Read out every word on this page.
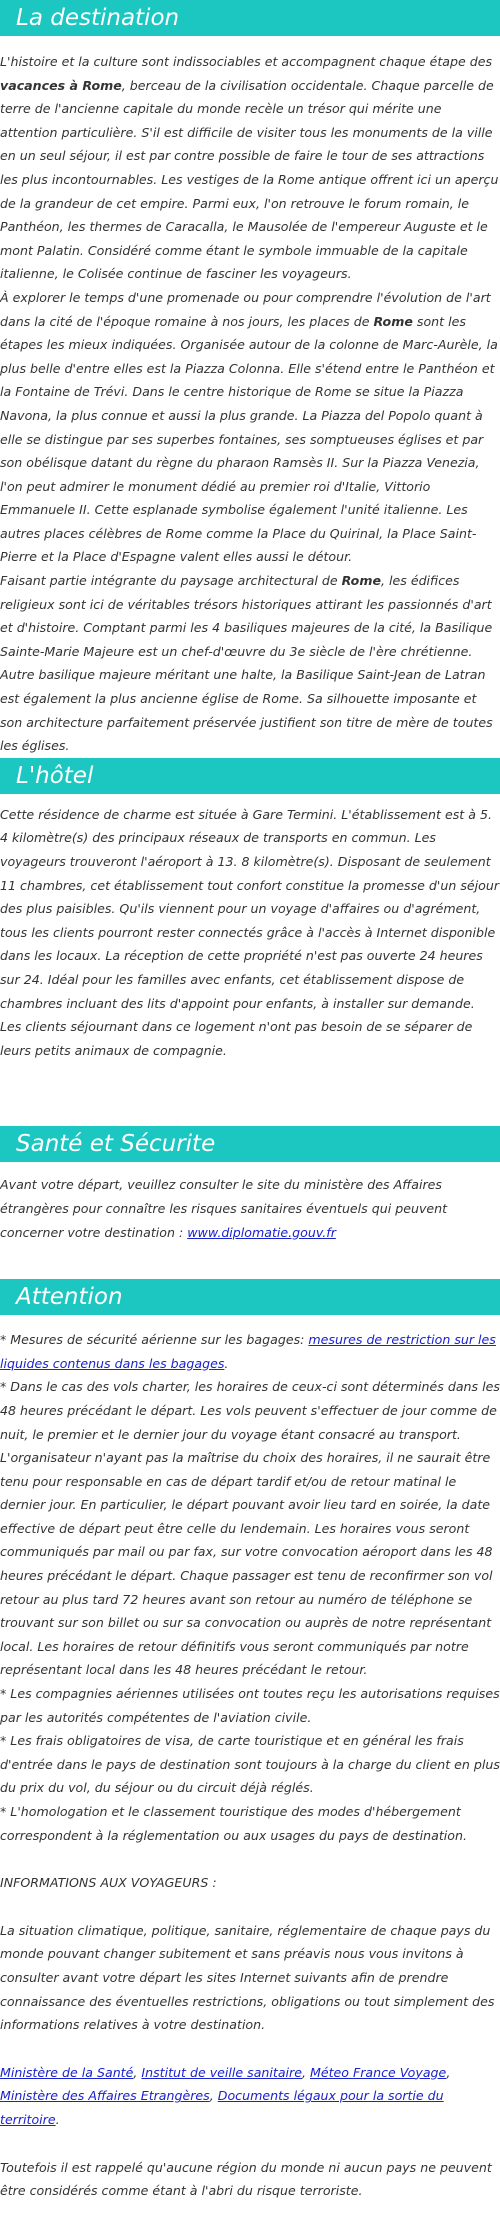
La destination

L'histoire et la culture sont indissociables et accompagnent chaque étape des vacances à Rome, berceau de la civilisation occidentale. Chaque parcelle de terre de l'ancienne capitale du monde recèle un trésor qui mérite une attention particulière. S'il est difficile de visiter tous les monuments de la ville en un seul séjour, il est par contre possible de faire le tour de ses attractions les plus incontournables. Les vestiges de la Rome antique offrent ici un aperçu de la grandeur de cet empire. Parmi eux, l'on retrouve le forum romain, le Panthéon, les thermes de Caracalla, le Mausolée de l'empereur Auguste et le mont Palatin. Considéré comme étant le symbole immuable de la capitale italienne, le Colisée continue de fasciner les voyageurs.

À explorer le temps d'une promenade ou pour comprendre l'évolution de l'art dans la cité de l'époque romaine à nos jours, les places de Rome sont les étapes les mieux indiquées. Organisée autour de la colonne de Marc-Aurèle, la plus belle d'entre elles est la Piazza Colonna. Elle s'étend entre le Panthéon et la Fontaine de Trévi. Dans le centre historique de Rome se situe la Piazza Navona, la plus connue et aussi la plus grande. La Piazza del Popolo quant à elle se distingue par ses superbes fontaines, ses somptueuses églises et par son obélisque datant du règne du pharaon Ramsès II. Sur la Piazza Venezia, l'on peut admirer le monument dédié au premier roi d'Italie, Vittorio Emmanuele II. Cette esplanade symbolise également l'unité italienne. Les autres places célèbres de Rome comme la Place du Quirinal, la Place Saint-Pierre et la Place d'Espagne valent elles aussi le détour.

Faisant partie intégrante du paysage architectural de Rome, les édifices religieux sont ici de véritables trésors historiques attirant les passionnés d'art et d'histoire. Comptant parmi les 4 basiliques majeures de la cité, la Basilique Sainte-Marie Majeure est un chef-d'œuvre du 3e siècle de l'ère chrétienne. Autre basilique majeure méritant une halte, la Basilique Saint-Jean de Latran est également la plus ancienne église de Rome. Sa silhouette imposante et son architecture parfaitement préservée justifient son titre de mère de toutes les églises.

L'hôtel

Cette résidence de charme est située à Gare Termini. L'établissement est à 5. 4 kilomètre(s) des principaux réseaux de transports en commun. Les voyageurs trouveront l'aéroport à 13. 8 kilomètre(s). Disposant de seulement 11 chambres, cet établissement tout confort constitue la promesse d'un séjour des plus paisibles. Qu'ils viennent pour un voyage d'affaires ou d'agrément, tous les clients pourront rester connectés grâce à l'accès à Internet disponible dans les locaux. La réception de cette propriété n'est pas ouverte 24 heures sur 24. Idéal pour les familles avec enfants, cet établissement dispose de chambres incluant des lits d'appoint pour enfants, à installer sur demande. Les clients séjournant dans ce logement n'ont pas besoin de se séparer de leurs petits animaux de compagnie.

Santé et Sécurite

Avant votre départ, veuillez consulter le site du ministère des Affaires étrangères pour connaître les risques sanitaires éventuels qui peuvent concerner votre destination : www.diplomatie.gouv.fr

Attention

* Mesures de sécurité aérienne sur les bagages: mesures de restriction sur les liquides contenus dans les bagages.

* Dans le cas des vols charter, les horaires de ceux-ci sont déterminés dans les 48 heures précédant le départ. Les vols peuvent s'effectuer de jour comme de nuit, le premier et le dernier jour du voyage étant consacré au transport. L'organisateur n'ayant pas la maîtrise du choix des horaires, il ne saurait être tenu pour responsable en cas de départ tardif et/ou de retour matinal le dernier jour. En particulier, le départ pouvant avoir lieu tard en soirée, la date effective de départ peut être celle du lendemain. Les horaires vous seront communiqués par mail ou par fax, sur votre convocation aéroport dans les 48 heures précédant le départ. Chaque passager est tenu de reconfirmer son vol retour au plus tard 72 heures avant son retour au numéro de téléphone se trouvant sur son billet ou sur sa convocation ou auprès de notre représentant local. Les horaires de retour définitifs vous seront communiqués par notre représentant local dans les 48 heures précédant le retour.

* Les compagnies aériennes utilisées ont toutes reçu les autorisations requises par les autorités compétentes de l'aviation civile.

* Les frais obligatoires de visa, de carte touristique et en général les frais d'entrée dans le pays de destination sont toujours à la charge du client en plus du prix du vol, du séjour ou du circuit déjà réglés.

* L'homologation et le classement touristique des modes d'hébergement correspondent à la réglementation ou aux usages du pays de destination.

INFORMATIONS AUX VOYAGEURS :

La situation climatique, politique, sanitaire, réglementaire de chaque pays du monde pouvant changer subitement et sans préavis nous vous invitons à consulter avant votre départ les sites Internet suivants afin de prendre connaissance des éventuelles restrictions, obligations ou tout simplement des informations relatives à votre destination.

Ministère de la Santé, Institut de veille sanitaire, Méteo France Voyage, Ministère des Affaires Etrangères, Documents légaux pour la sortie du territoire.

Toutefois il est rappelé qu'aucune région du monde ni aucun pays ne peuvent être considérés comme étant à l'abri du risque terroriste.
